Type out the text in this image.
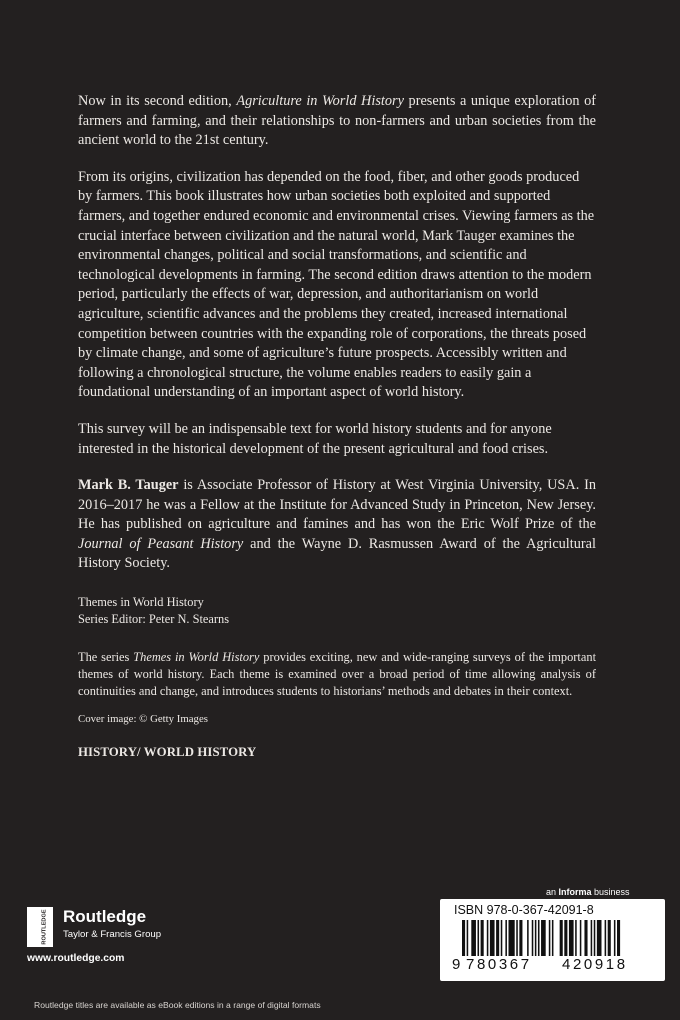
Now in its second edition, Agriculture in World History presents a unique exploration of farmers and farming, and their relationships to non-farmers and urban societies from the ancient world to the 21st century.

From its origins, civilization has depended on the food, fiber, and other goods produced by farmers. This book illustrates how urban societies both exploited and supported farmers, and together endured economic and environmental crises. Viewing farmers as the crucial interface between civilization and the natural world, Mark Tauger examines the environmental changes, political and social transformations, and scientific and technological developments in farming. The second edition draws attention to the modern period, particularly the effects of war, depression, and authoritarianism on world agriculture, scientific advances and the problems they created, increased international competition between countries with the expanding role of corporations, the threats posed by climate change, and some of agriculture’s future prospects. Accessibly written and following a chronological structure, the volume enables readers to easily gain a foundational understanding of an important aspect of world history.

This survey will be an indispensable text for world history students and for anyone interested in the historical development of the present agricultural and food crises.

Mark B. Tauger is Associate Professor of History at West Virginia University, USA. In 2016–2017 he was a Fellow at the Institute for Advanced Study in Princeton, New Jersey. He has published on agriculture and famines and has won the Eric Wolf Prize of the Journal of Peasant History and the Wayne D. Rasmussen Award of the Agricultural History Society.

Themes in World History
Series Editor: Peter N. Stearns

The series Themes in World History provides exciting, new and wide-ranging surveys of the important themes of world history. Each theme is examined over a broad period of time allowing analysis of continuities and change, and introduces students to historians’ methods and debates in their context.

Cover image: © Getty Images

HISTORY/ WORLD HISTORY
an Informa business
ISBN 978-0-367-42091-8
9 780367 420918
ROUTLEDGE Routledge
Taylor & Francis Group
www.routledge.com
Routledge titles are available as eBook editions in a range of digital formats
